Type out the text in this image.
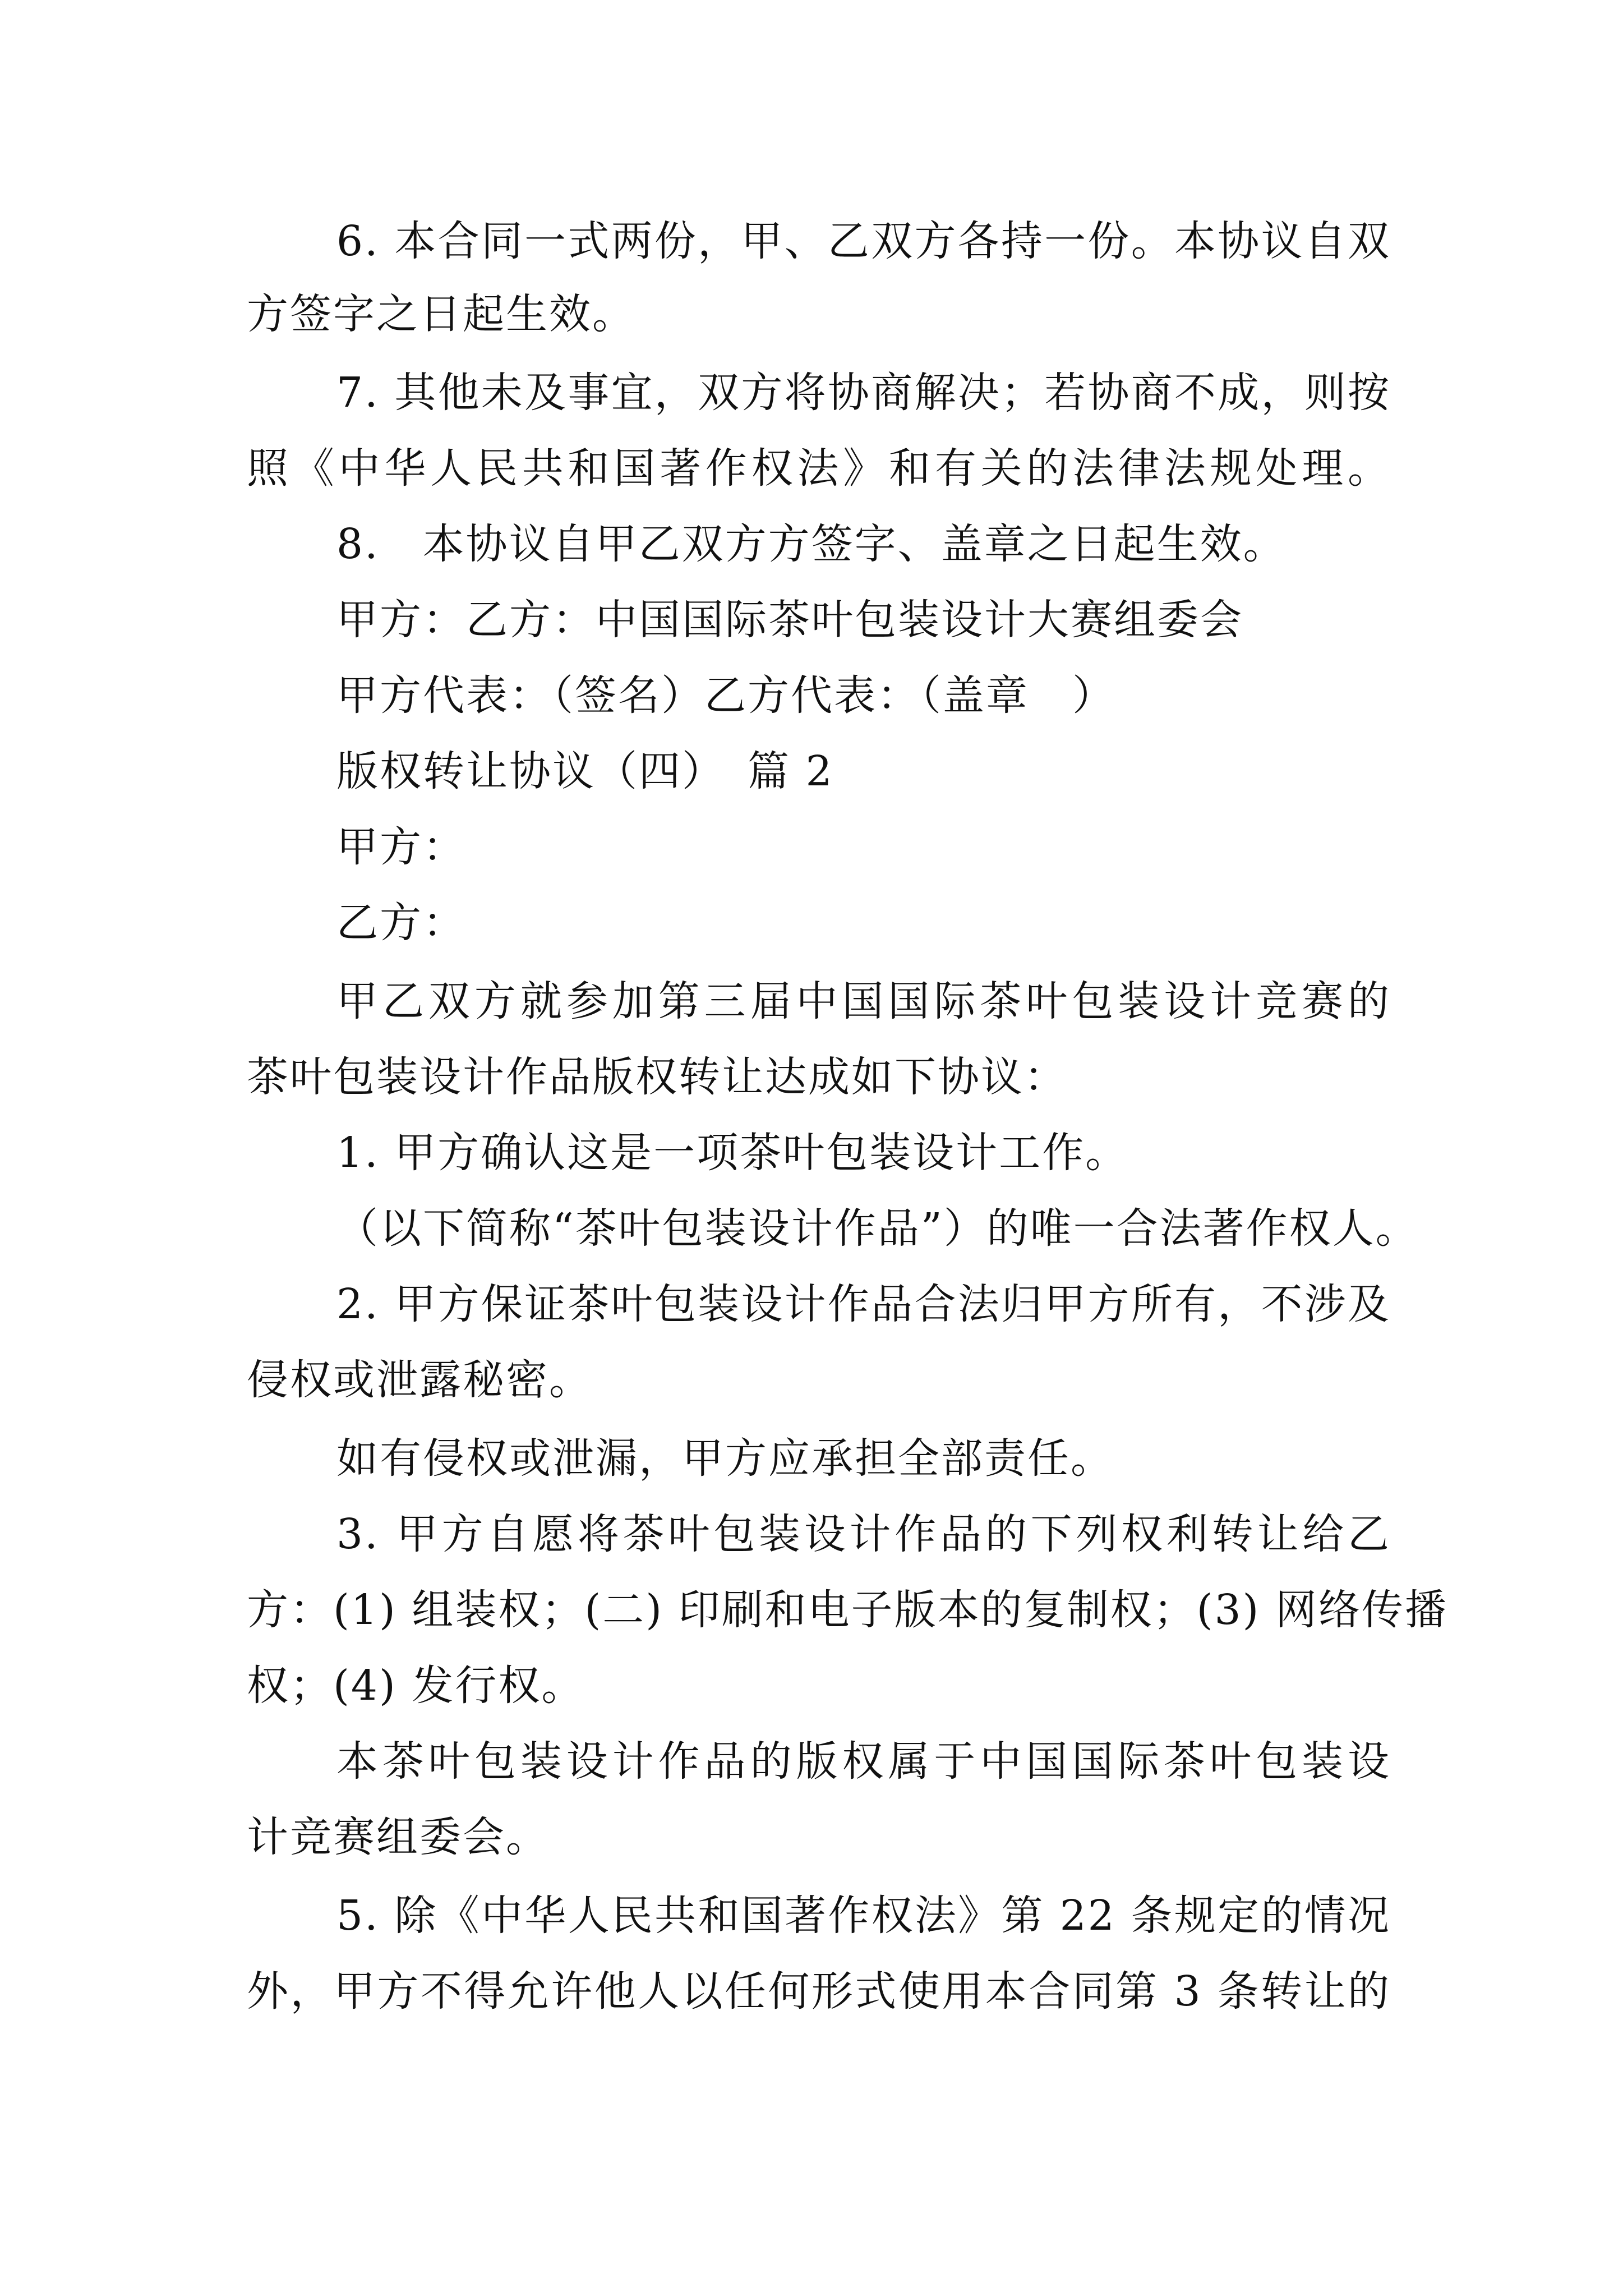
6. 本合同一式两份，甲、乙双方各持一份。本协议自双
方签字之日起生效。
7. 其他未及事宜，双方将协商解决；若协商不成，则按
照《中华人民共和国著作权法》和有关的法律法规处理。
8.　本协议自甲乙双方方签字、盖章之日起生效。
甲方：乙方：中国国际茶叶包装设计大赛组委会
甲方代表：（签名）乙方代表：（盖章　）
版权转让协议（四）　篇 2
甲方：
乙方：
甲乙双方就参加第三届中国国际茶叶包装设计竞赛的
茶叶包装设计作品版权转让达成如下协议：
1. 甲方确认这是一项茶叶包装设计工作。
（以下简称“茶叶包装设计作品”）的唯一合法著作权人。
2. 甲方保证茶叶包装设计作品合法归甲方所有，不涉及
侵权或泄露秘密。
如有侵权或泄漏，甲方应承担全部责任。
3. 甲方自愿将茶叶包装设计作品的下列权利转让给乙
方：(1) 组装权；(二) 印刷和电子版本的复制权；(3) 网络传播
权；(4) 发行权。
本茶叶包装设计作品的版权属于中国国际茶叶包装设
计竞赛组委会。
5. 除《中华人民共和国著作权法》第 22 条规定的情况
外，甲方不得允许他人以任何形式使用本合同第 3 条转让的
